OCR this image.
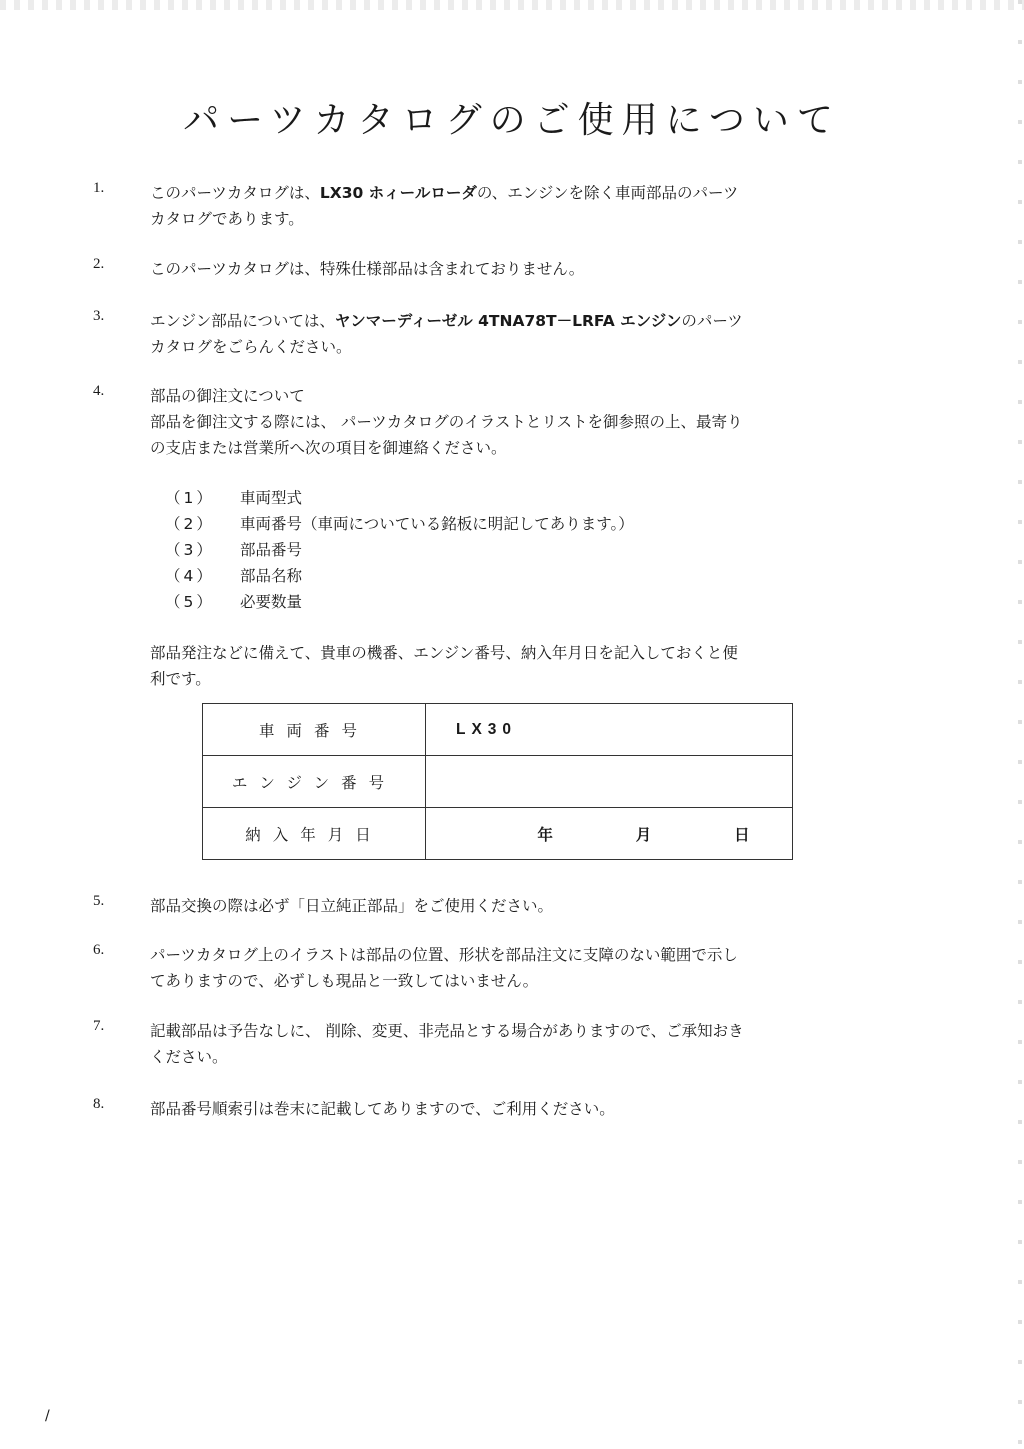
パーツカタログのご使用について
1.	このパーツカタログは、LX30 ホィールローダの、エンジンを除く車両部品のパーツ
カタログであります。
2.	このパーツカタログは、特殊仕様部品は含まれておりません。
3.	エンジン部品については、ヤンマーディーゼル 4TNA78T－LRFA エンジンのパーツ
カタログをごらんください。
4.	部品の御注文について
部品を御注文する際には、 パーツカタログのイラストとリストを御参照の上、最寄り
の支店または営業所へ次の項目を御連絡ください。
（1） 車両型式
（2） 車両番号（車両についている銘板に明記してあります。）
（3） 部品番号
（4） 部品名称
（5） 必要数量
部品発注などに備えて、貴車の機番、エンジン番号、納入年月日を記入しておくと便
利です。
車両番号	LX30
エンジン番号	
納入年月日	年 月 日
5.	部品交換の際は必ず「日立純正部品」をご使用ください。
6.	パーツカタログ上のイラストは部品の位置、形状を部品注文に支障のない範囲で示し
てありますので、必ずしも現品と一致してはいません。
7.	記載部品は予告なしに、 削除、変更、非売品とする場合がありますので、ご承知おき
ください。
8.	部品番号順索引は巻末に記載してありますので、ご利用ください。
/
